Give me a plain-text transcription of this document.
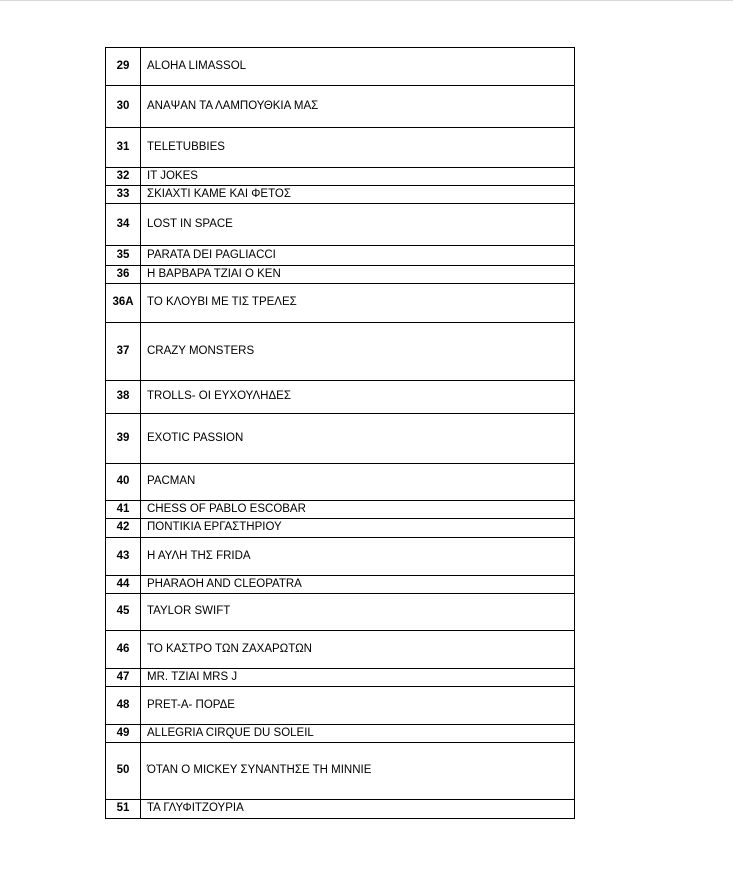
29	ALOHA LIMASSOL
30	ΑΝΑΨΑΝ ΤΑ ΛΑΜΠΟΥΘΚΙΑ ΜΑΣ
31	TELETUBBIES
32	IT JOKES
33	ΣΚΙΑΧΤΙ ΚΑΜΕ ΚΑΙ ΦΕΤΟΣ
34	LOST IN SPACE
35	PARATA DEI PAGLIACCI
36	Η ΒΑΡΒΑΡΑ ΤΖΙΑΙ Ο ΚΕΝ
36A	ΤΟ ΚΛΟΥΒΙ ΜΕ ΤΙΣ ΤΡΕΛΕΣ
37	CRAZY MONSTERS
38	TROLLS- ΟΙ ΕΥΧΟΥΛΗΔΕΣ
39	EXOTIC PASSION
40	PACMAN
41	CHESS OF PABLO ESCOBAR
42	ΠΟΝΤΙΚΙΑ ΕΡΓΑΣΤΗΡΙΟΥ
43	Η ΑΥΛΗ ΤΗΣ FRIDA
44	PHARAOH AND CLEOPATRA
45	TAYLOR SWIFT
46	ΤΟ ΚΑΣΤΡΟ ΤΩΝ ΖΑΧΑΡΩΤΩΝ
47	MR. ΤΖΙΑΙ MRS J
48	PRET-A- ΠΟΡΔΕ
49	ALLEGRIA CIRQUE DU SOLEIL
50	ΌΤΑΝ Ο MICKEY ΣΥΝΑΝΤΗΣΕ ΤΗ MINNIE
51	ΤΑ ΓΛΥΦΙΤΖΟΥΡΙΑ
